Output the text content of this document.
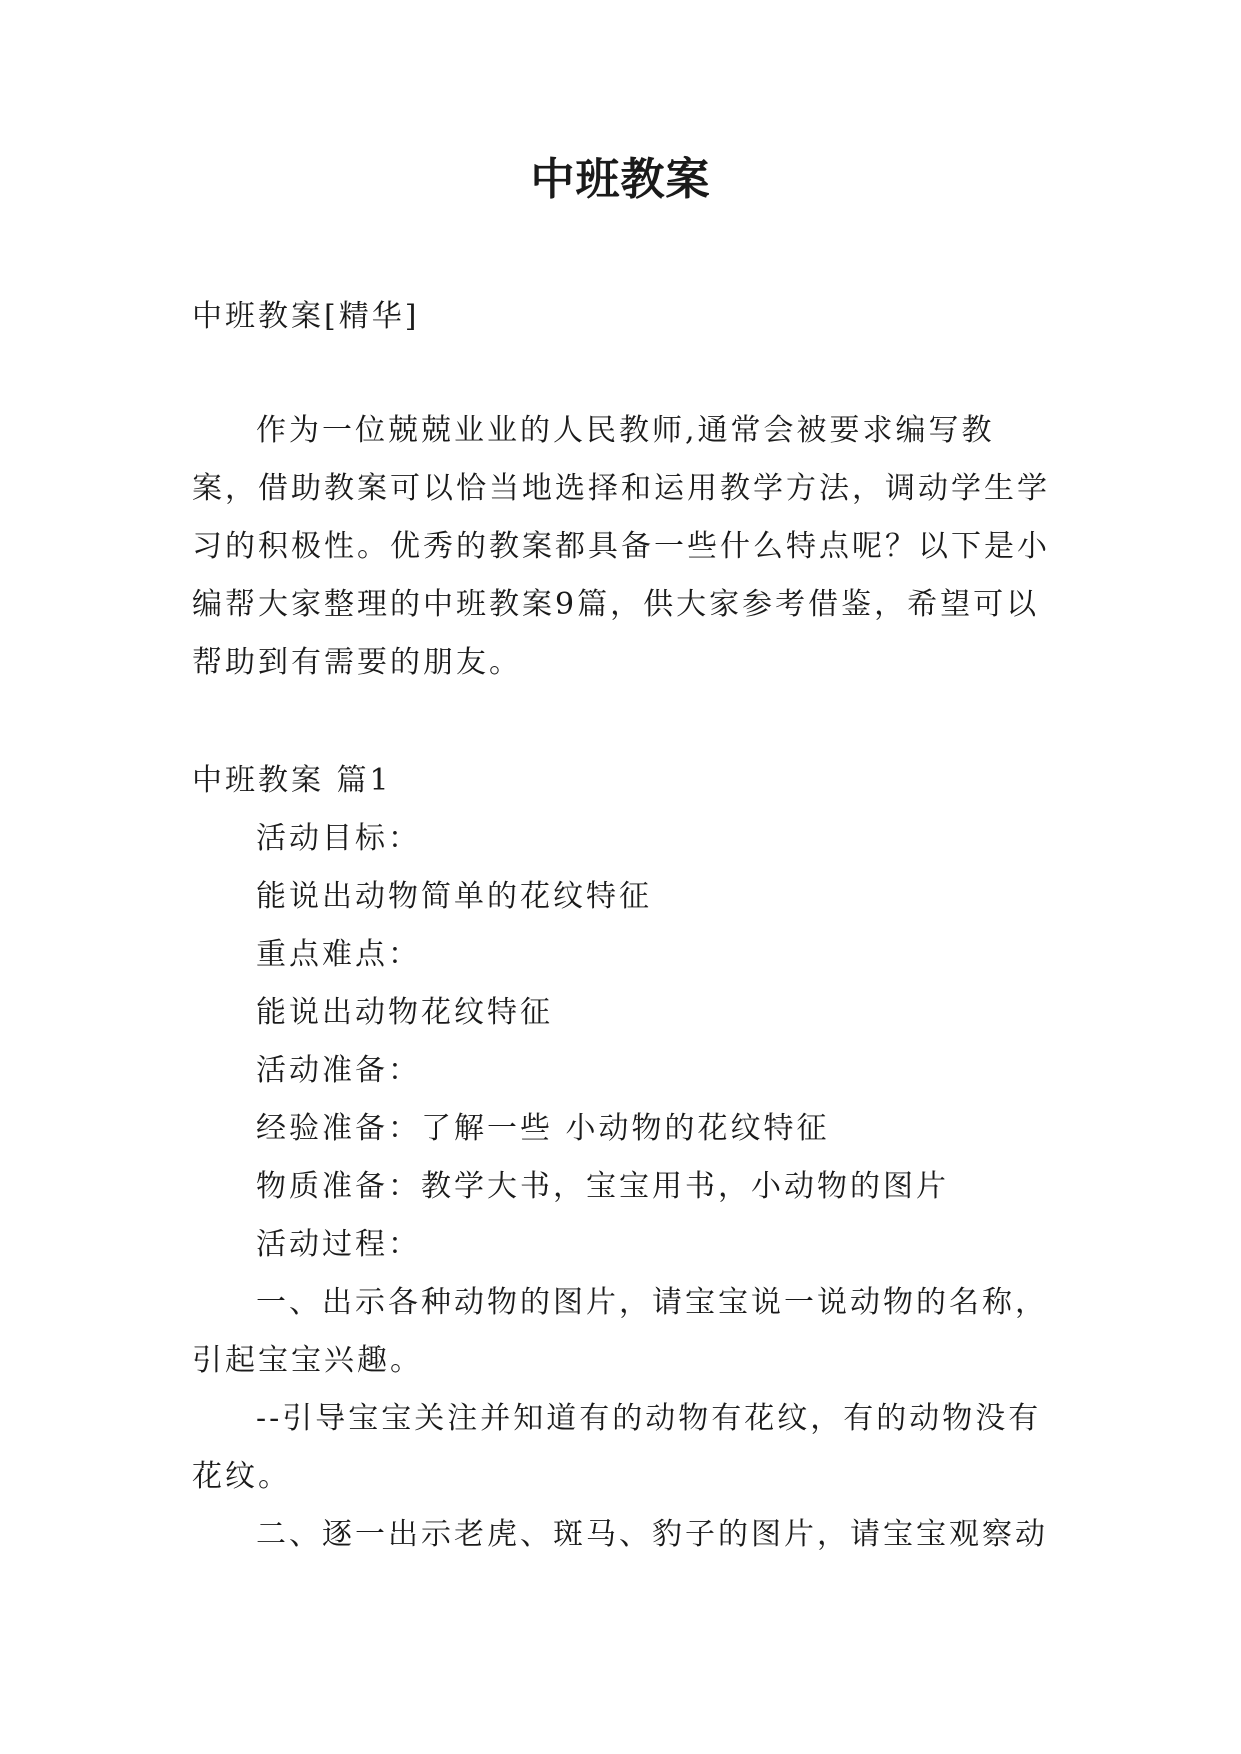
中班教案
中班教案[精华]
作为一位兢兢业业的人民教师,通常会被要求编写教案，借助教案可以恰当地选择和运用教学方法，调动学生学习的积极性。优秀的教案都具备一些什么特点呢？以下是小编帮大家整理的中班教案9篇，供大家参考借鉴，希望可以帮助到有需要的朋友。

中班教案 篇1

活动目标：

能说出动物简单的花纹特征

重点难点：

能说出动物花纹特征

活动准备：

经验准备：了解一些 小动物的花纹特征

物质准备：教学大书，宝宝用书，小动物的图片

活动过程：

一、出示各种动物的图片，请宝宝说一说动物的名称，引起宝宝兴趣。

--引导宝宝关注并知道有的动物有花纹，有的动物没有花纹。

二、逐一出示老虎、斑马、豹子的图片，请宝宝观察动
